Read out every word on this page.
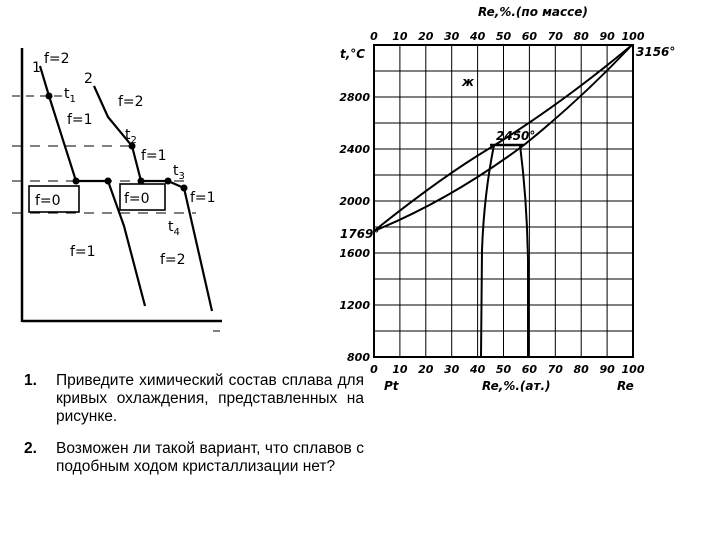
1
f=2
$t_1$
2
f=2
f=1
$t_2$
f=1
$t_3$
f=0	f=0	f=1
$t_4$
f=1	f=2
Re,%.(по массе)
0 10 20 30 40 50 60 70 80 90 100
0 10 20 30 40 50 60 70 80 90 100
Pt	Re,%.(ат.)	Re
t,°C
800
1200
1600
2000
2400
2800
1769°
3156°
2450°
ж
1. Приведите химический состав сплава для кривых охлаждения, представленных на рисунке.
2. Возможен ли такой вариант, что сплавов с подобным ходом кристаллизации нет?
